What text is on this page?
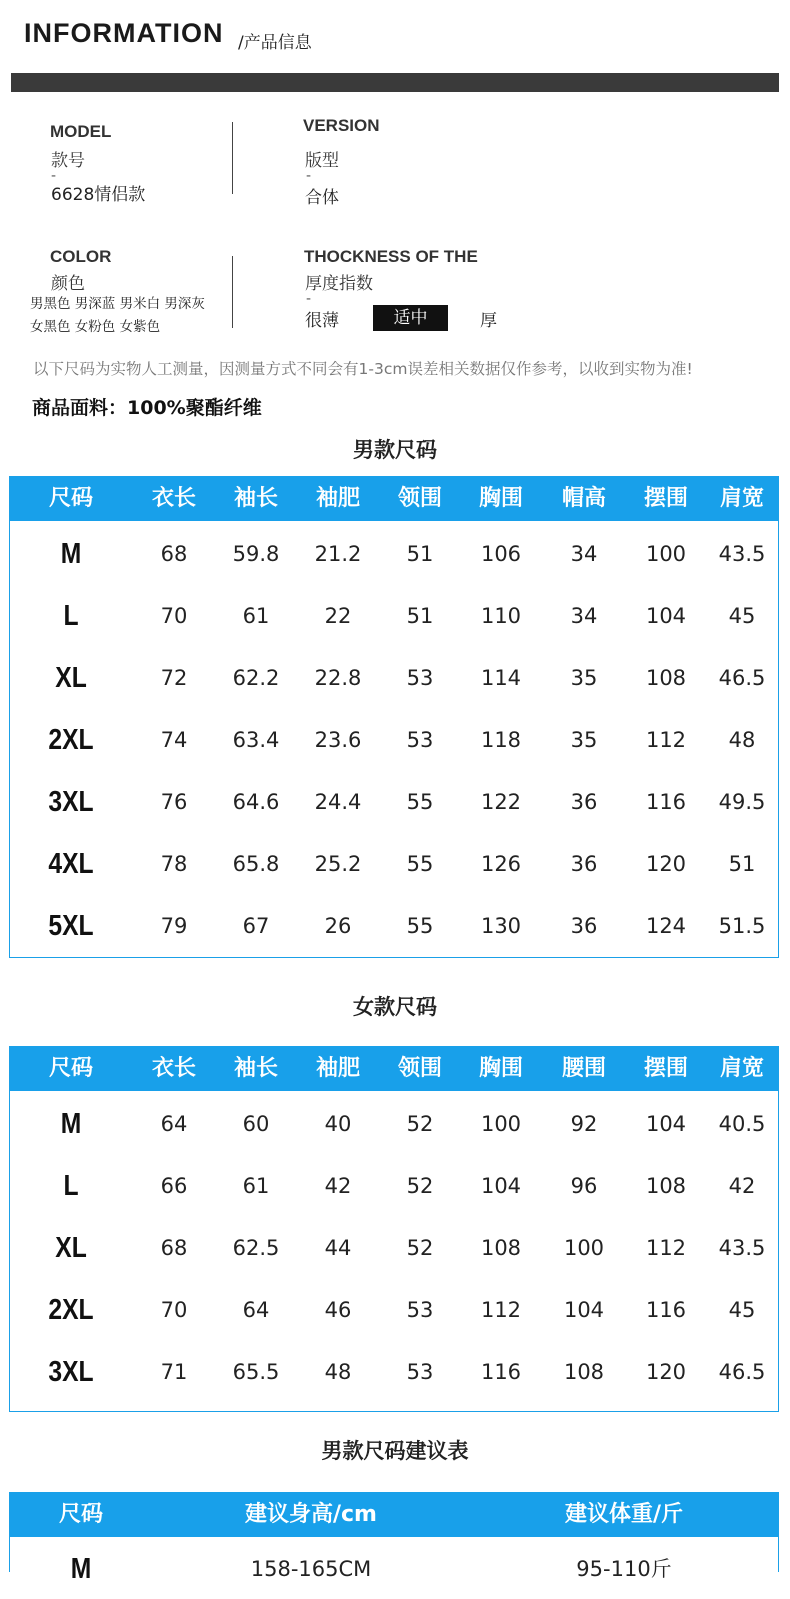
INFORMATION /产品信息
MODEL
款号
-
6628情侣款
VERSION
版型
-
合体
COLOR
颜色
男黑色 男深蓝 男米白 男深灰
女黑色 女粉色 女紫色
THOCKNESS OF THE
厚度指数
-
很薄	适中	厚
以下尺码为实物人工测量，因测量方式不同会有1-3cm误差相关数据仅作参考，以收到实物为准!
商品面料：100%聚酯纤维
男款尺码
尺码	衣长	袖长	袖肥	领围	胸围	帽高	摆围	肩宽
M	68	59.8	21.2	51	106	34	100	43.5
L	70	61	22	51	110	34	104	45
XL	72	62.2	22.8	53	114	35	108	46.5
2XL	74	63.4	23.6	53	118	35	112	48
3XL	76	64.6	24.4	55	122	36	116	49.5
4XL	78	65.8	25.2	55	126	36	120	51
5XL	79	67	26	55	130	36	124	51.5
女款尺码
尺码	衣长	袖长	袖肥	领围	胸围	腰围	摆围	肩宽
M	64	60	40	52	100	92	104	40.5
L	66	61	42	52	104	96	108	42
XL	68	62.5	44	52	108	100	112	43.5
2XL	70	64	46	53	112	104	116	45
3XL	71	65.5	48	53	116	108	120	46.5
男款尺码建议表
尺码	建议身高/cm	建议体重/斤
M	158-165CM	95-110斤
